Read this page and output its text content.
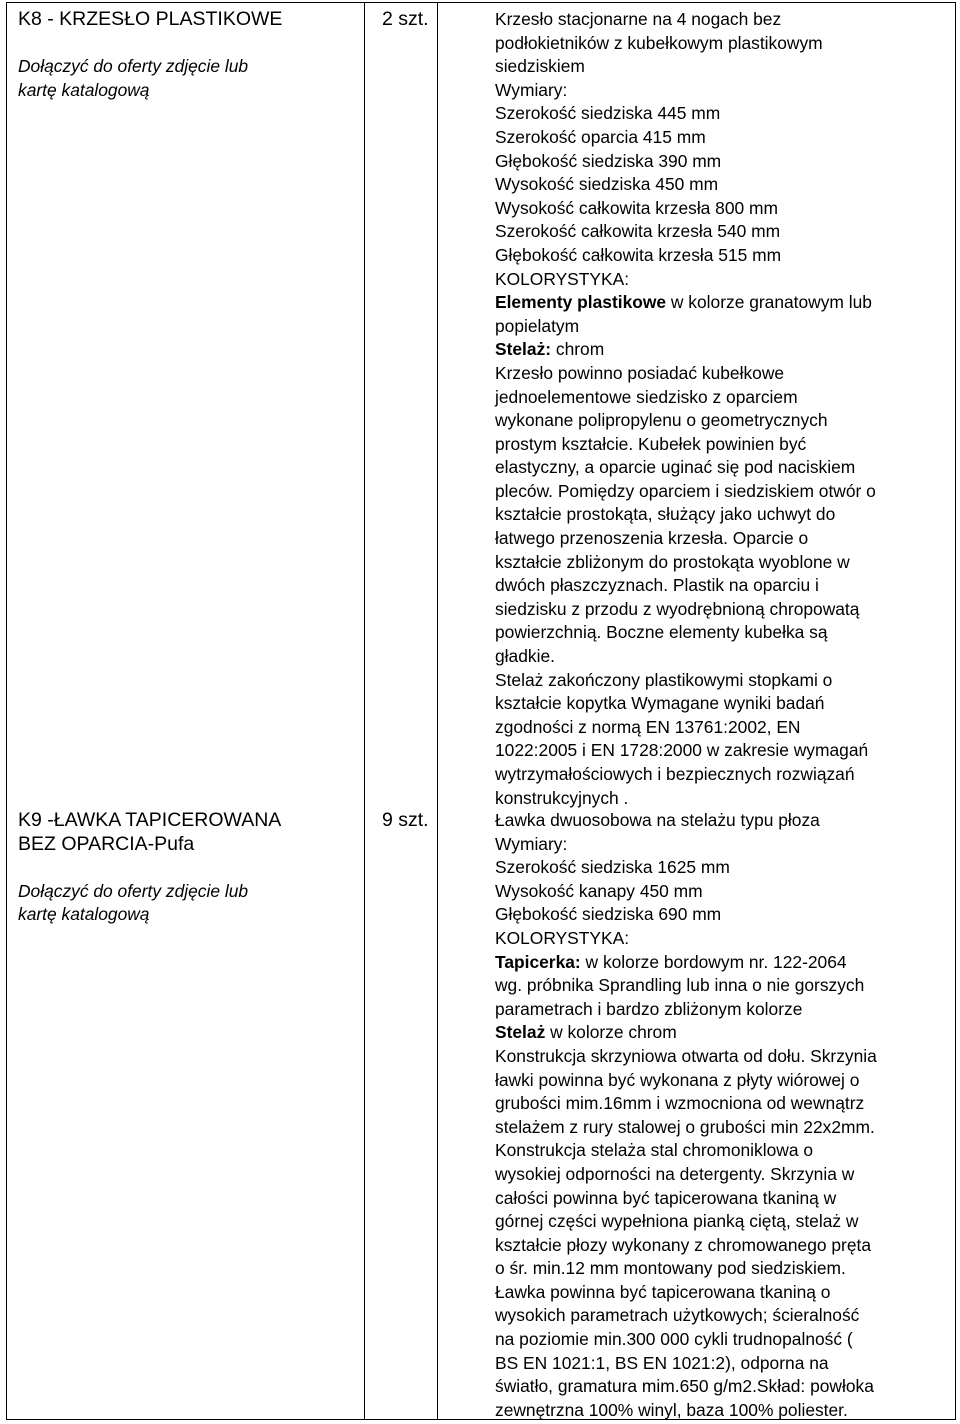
K8 - KRZESŁO PLASTIKOWE
Dołączyć do oferty zdjęcie lub
kartę katalogową
2 szt.	Krzesło stacjonarne na 4 nogach bez
podłokietników z kubełkowym plastikowym
siedziskiem
Wymiary:
Szerokość siedziska 445 mm
Szerokość oparcia 415 mm
Głębokość siedziska 390 mm
Wysokość siedziska 450 mm
Wysokość całkowita krzesła 800 mm
Szerokość całkowita krzesła 540 mm
Głębokość całkowita krzesła 515 mm
KOLORYSTYKA:
Elementy plastikowe w kolorze granatowym lub
popielatym
Stelaż: chrom
Krzesło powinno posiadać kubełkowe
jednoelementowe siedzisko z oparciem
wykonane polipropylenu o geometrycznych
prostym kształcie. Kubełek powinien być
elastyczny, a oparcie uginać się pod naciskiem
pleców. Pomiędzy oparciem i siedziskiem otwór o
kształcie prostokąta, służący jako uchwyt do
łatwego przenoszenia krzesła. Oparcie o
kształcie zbliżonym do prostokąta wyoblone w
dwóch płaszczyznach. Plastik na oparciu i
siedzisku z przodu z wyodrębnioną chropowatą
powierzchnią. Boczne elementy kubełka są
gładkie.
Stelaż zakończony plastikowymi stopkami o
kształcie kopytka Wymagane wyniki badań
zgodności z normą EN 13761:2002, EN
1022:2005 i EN 1728:2000 w zakresie wymagań
wytrzymałościowych i bezpiecznych rozwiązań
konstrukcyjnych .
K9 -ŁAWKA TAPICEROWANA
BEZ OPARCIA-Pufa
Dołączyć do oferty zdjęcie lub
kartę katalogową
9 szt.	Ławka dwuosobowa na stelażu typu płoza
Wymiary:
Szerokość siedziska 1625 mm
Wysokość kanapy 450 mm
Głębokość siedziska 690 mm
KOLORYSTYKA:
Tapicerka: w kolorze bordowym nr. 122-2064
wg. próbnika Sprandling lub inna o nie gorszych
parametrach i bardzo zbliżonym kolorze
Stelaż w kolorze chrom
Konstrukcja skrzyniowa otwarta od dołu. Skrzynia
ławki powinna być wykonana z płyty wiórowej o
grubości mim.16mm i wzmocniona od wewnątrz
stelażem z rury stalowej o grubości min 22x2mm.
Konstrukcja stelaża stal chromoniklowa o
wysokiej odporności na detergenty. Skrzynia w
całości powinna być tapicerowana tkaniną w
górnej części wypełniona pianką ciętą, stelaż w
kształcie płozy wykonany z chromowanego pręta
o śr. min.12 mm montowany pod siedziskiem.
Ławka powinna być tapicerowana tkaniną o
wysokich parametrach użytkowych; ścieralność
na poziomie min.300 000 cykli trudnopalność (
BS EN 1021:1, BS EN 1021:2), odporna na
światło, gramatura mim.650 g/m2.Skład: powłoka
zewnętrzna 100% winyl, baza 100% poliester.
